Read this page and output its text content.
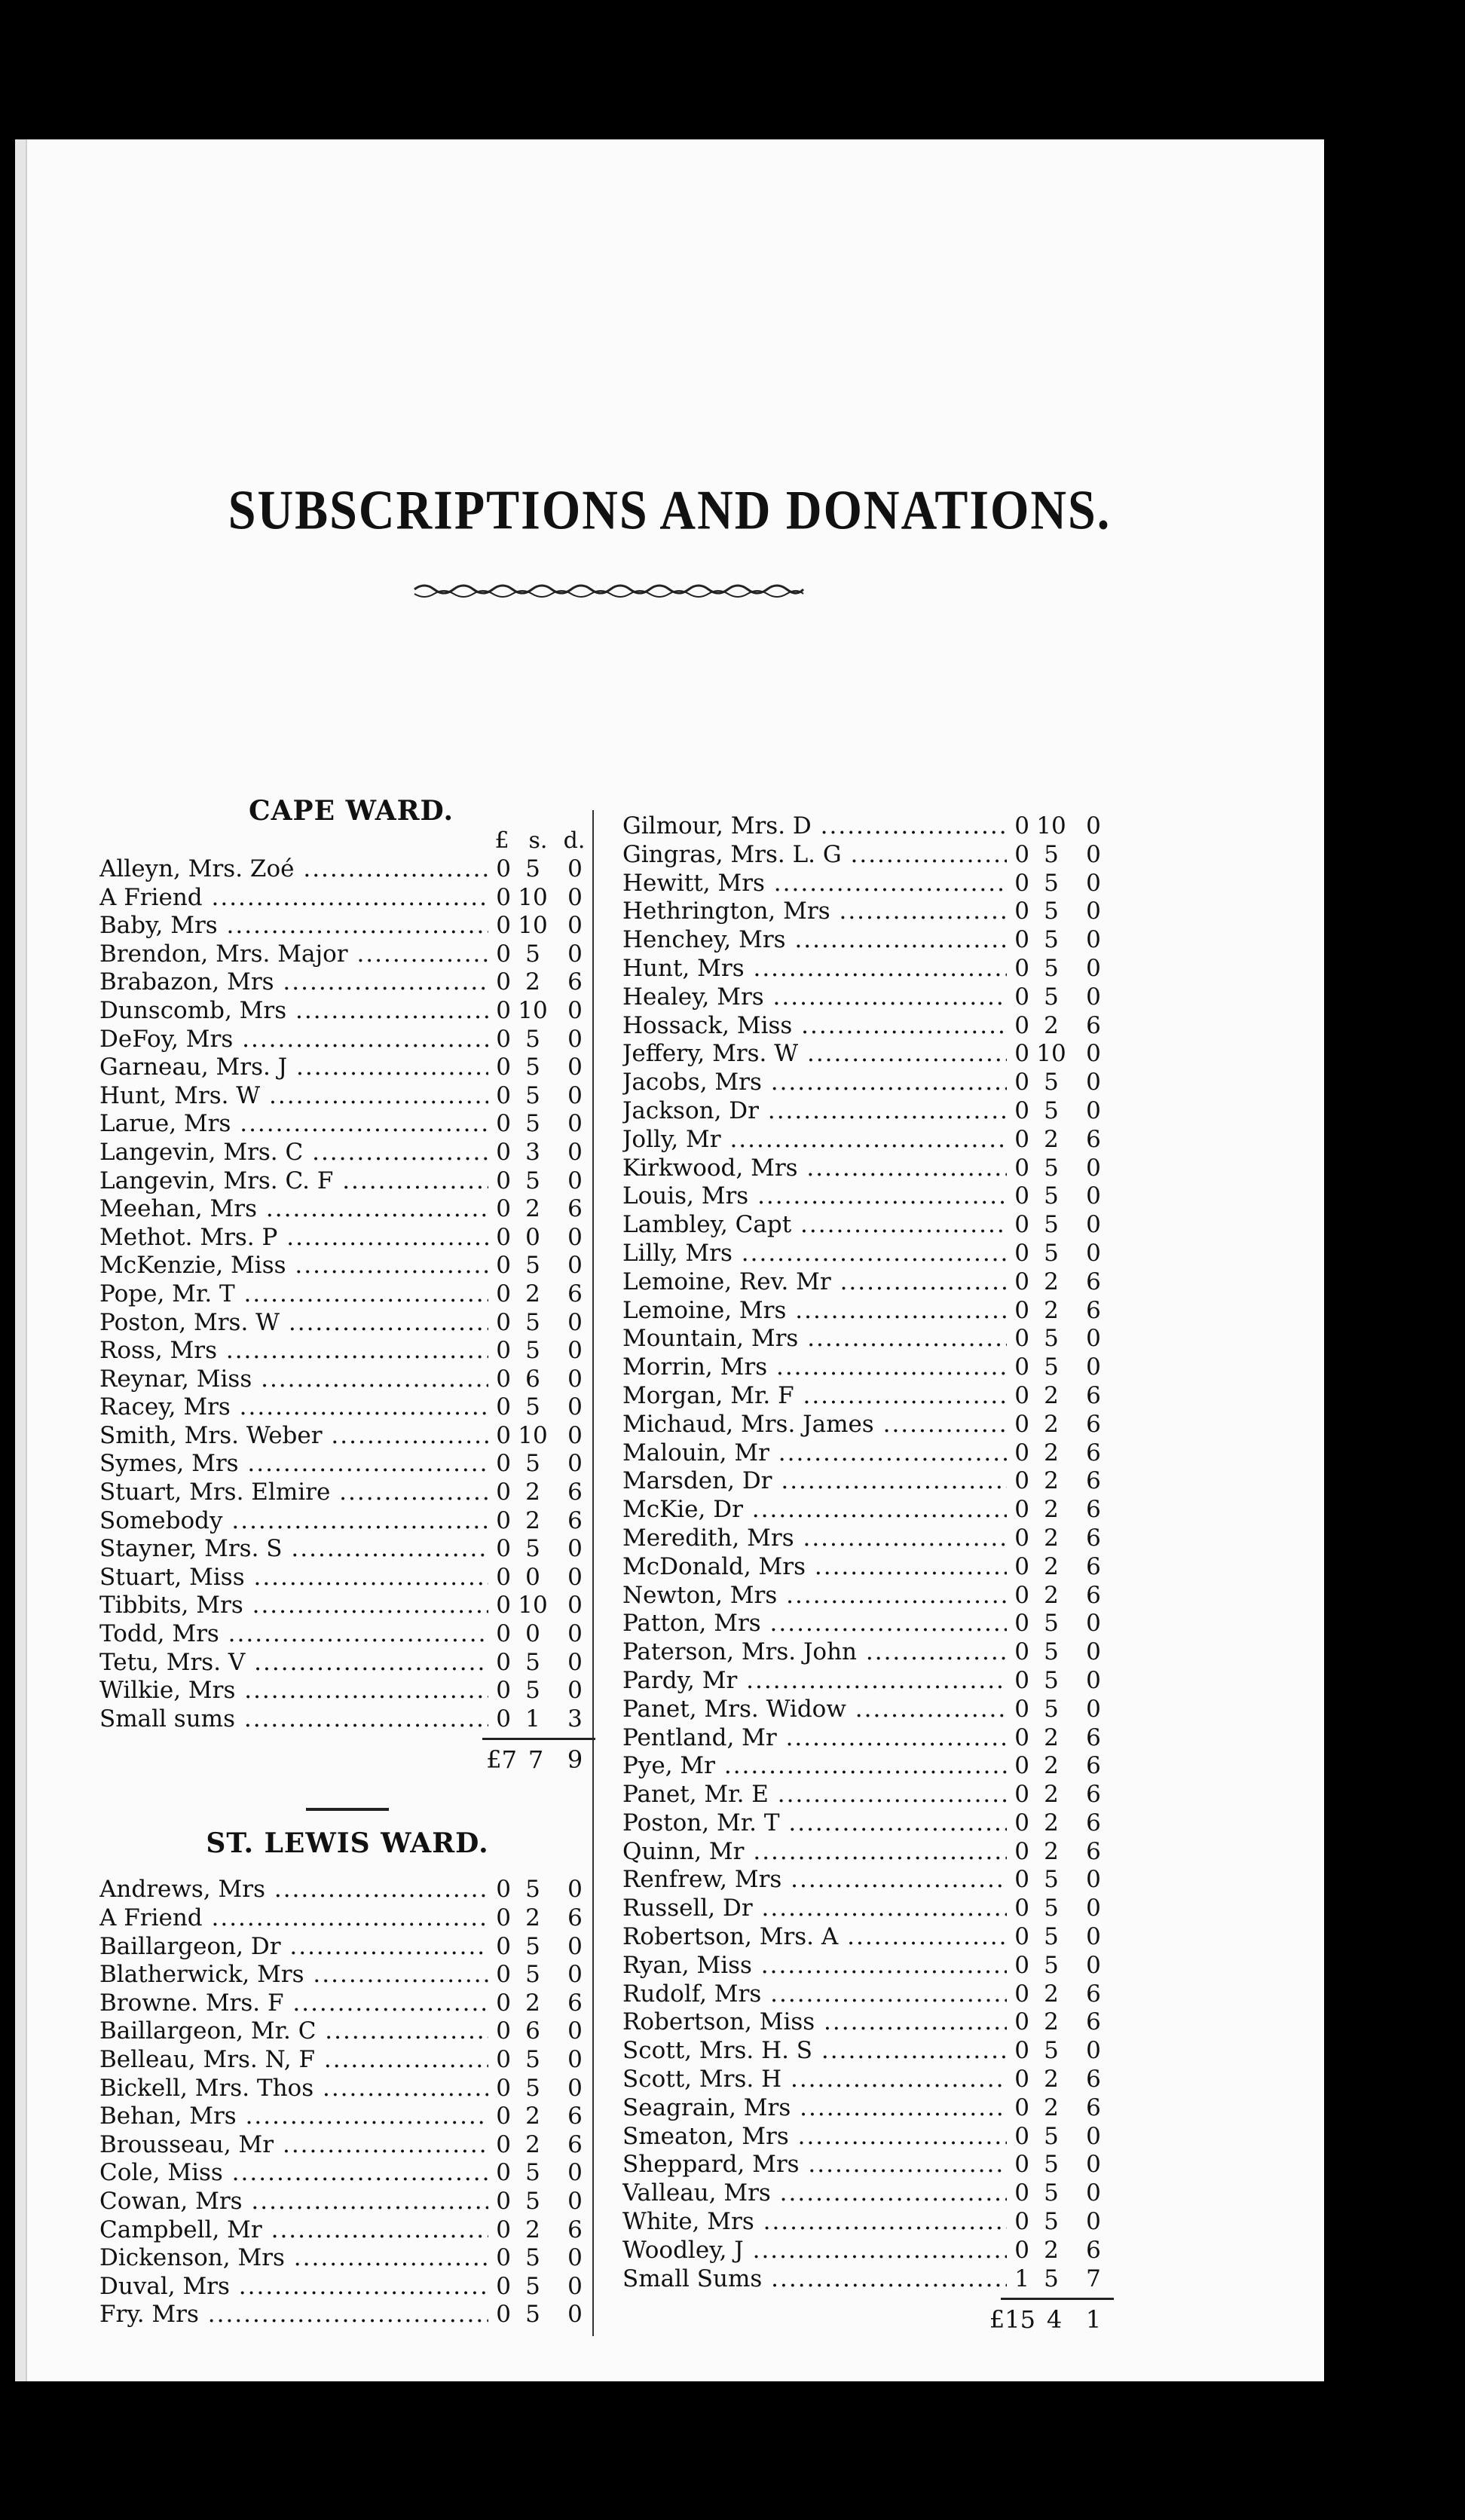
SUBSCRIPTIONS AND DONATIONS.
CAPE WARD.
£ s. d.
Alleyn, Mrs. Zoé .....	0 5	0
A Friend .....	0 10 0
Baby, Mrs .....	0 10 0
Brendon, Mrs. Major .....	0 5	0
Brabazon, Mrs .....	0 2	6
Dunscomb, Mrs .....	0 10 0
DeFoy, Mrs .....	0 5	0
Garneau, Mrs. J .....	0 5	0
Hunt, Mrs. W .....	0 5	0
Larue, Mrs .....	0 5	0
Langevin, Mrs. C .....	0 3	0
Langevin, Mrs. C. F .....	0 5	0
Meehan, Mrs .....	0 2	6
Methot. Mrs. P .....	0 0	0
McKenzie, Miss .....	0 5	0
Pope, Mr. T .....	0 2	6
Poston, Mrs. W .....	0 5	0
Ross, Mrs .....	0 5	0
Reynar, Miss .....	0 6	0
Racey, Mrs .....	0 5	0
Smith, Mrs. Weber .....	0 10 0
Symes, Mrs .....	0 5	0
Stuart, Mrs. Elmire .....	0 2	6
Somebody .....	0 2	6
Stayner, Mrs. S .....	0 5	0
Stuart, Miss .....	0 0	0
Tibbits, Mrs .....	0 10 0
Todd, Mrs .....	0 0	0
Tetu, Mrs. V .....	0 5	0
Wilkie, Mrs .....	0 5	0
Small sums .....	0 1	3
£7 7 9
ST. LEWIS WARD.
Andrews, Mrs .....	0 5	0
A Friend .....	0 2	6
Baillargeon, Dr .....	0 5	0
Blatherwick, Mrs .....	0 5	0
Browne. Mrs. F .....	0 2	6
Baillargeon, Mr. C .....	0 6	0
Belleau, Mrs. N, F .....	0 5	0
Bickell, Mrs. Thos .....	0 5	0
Behan, Mrs .....	0 2	6
Brousseau, Mr .....	0 2	6
Cole, Miss .....	0 5	0
Cowan, Mrs .....	0 5	0
Campbell, Mr .....	0 2	6
Dickenson, Mrs .....	0 5	0
Duval, Mrs .....	0 5	0
Fry. Mrs .....	0 5	0
Gilmour, Mrs. D .....	0 10 0
Gingras, Mrs. L. G .....	0 5	0
Hewitt, Mrs .....	0 5	0
Hethrington, Mrs .....	0 5	0
Henchey, Mrs .....	0 5	0
Hunt, Mrs .....	0 5	0
Healey, Mrs .....	0 5	0
Hossack, Miss .....	0 2	6
Jeffery, Mrs. W .....	0 10 0
Jacobs, Mrs .....	0 5	0
Jackson, Dr .....	0 5	0
Jolly, Mr .....	0 2	6
Kirkwood, Mrs .....	0 5	0
Louis, Mrs .....	0 5	0
Lambley, Capt .....	0 5	0
Lilly, Mrs .....	0 5	0
Lemoine, Rev. Mr .....	0 2	6
Lemoine, Mrs .....	0 2	6
Mountain, Mrs .....	0 5	0
Morrin, Mrs .....	0 5	0
Morgan, Mr. F .....	0 2	6
Michaud, Mrs. James .....	0 2	6
Malouin, Mr .....	0 2	6
Marsden, Dr .....	0 2	6
McKie, Dr .....	0 2	6
Meredith, Mrs .....	0 2	6
McDonald, Mrs .....	0 2	6
Newton, Mrs .....	0 2	6
Patton, Mrs .....	0 5	0
Paterson, Mrs. John .....	0 5	0
Pardy, Mr .....	0 5	0
Panet, Mrs. Widow .....	0 5	0
Pentland, Mr .....	0 2	6
Pye, Mr .....	0 2	6
Panet, Mr. E .....	0 2	6
Poston, Mr. T .....	0 2	6
Quinn, Mr .....	0 2	6
Renfrew, Mrs .....	0 5	0
Russell, Dr .....	0 5	0
Robertson, Mrs. A .....	0 5	0
Ryan, Miss .....	0 5	0
Rudolf, Mrs .....	0 2	6
Robertson, Miss .....	0 2	6
Scott, Mrs. H. S .....	0 5	0
Scott, Mrs. H .....	0 2	6
Seagrain, Mrs .....	0 2	6
Smeaton, Mrs .....	0 5	0
Sheppard, Mrs .....	0 5	0
Valleau, Mrs .....	0 5	0
White, Mrs .....	0 5	0
Woodley, J .....	0 2	6
Small Sums .....	1 5	7
£15 4 1
